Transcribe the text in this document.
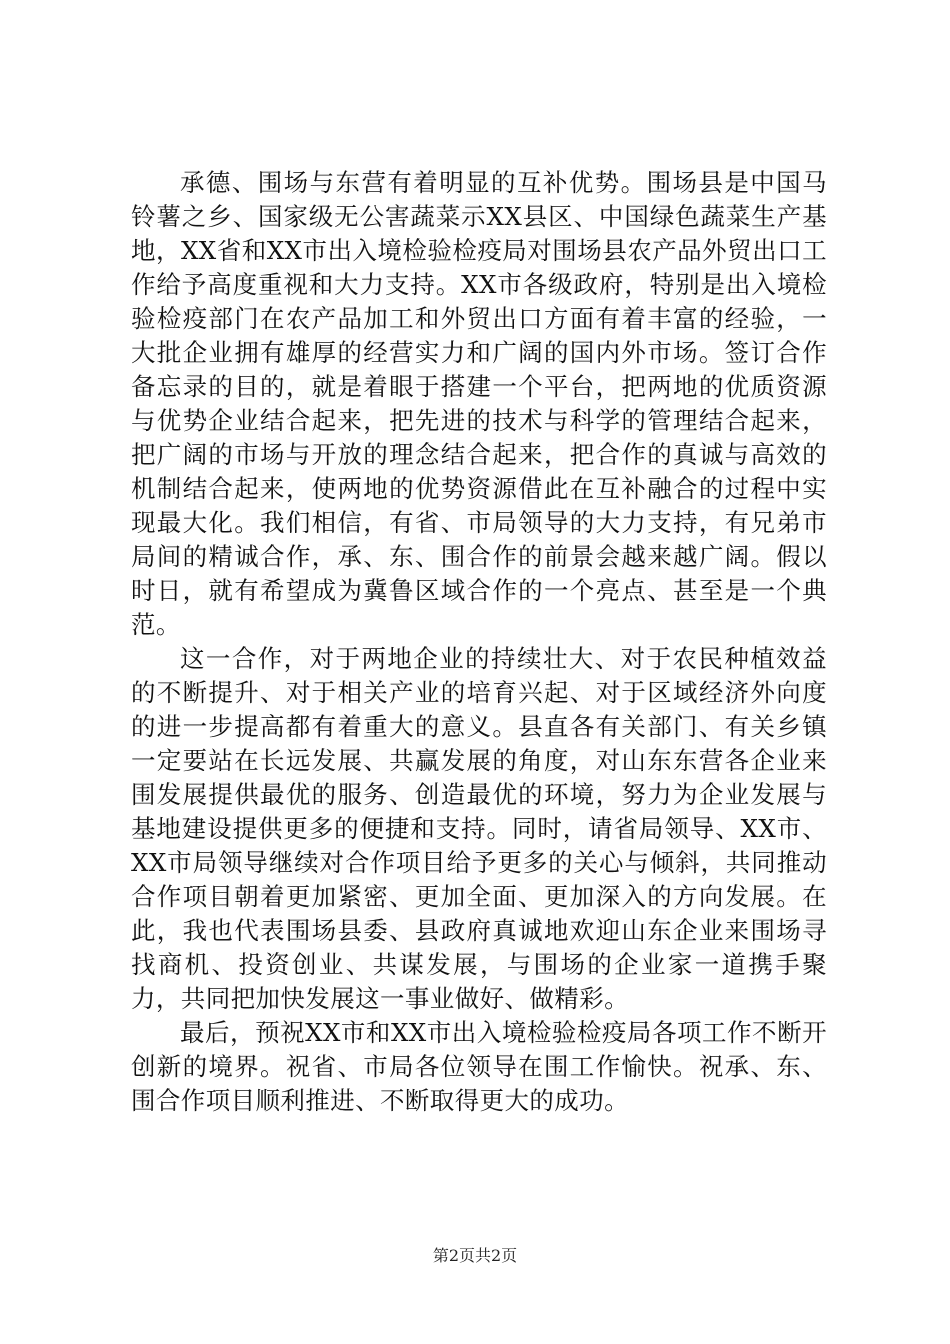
承德、围场与东营有着明显的互补优势。围场县是中国马铃薯之乡、国家级无公害蔬菜示XX县区、中国绿色蔬菜生产基地，XX省和XX市出入境检验检疫局对围场县农产品外贸出口工作给予高度重视和大力支持。XX市各级政府，特别是出入境检验检疫部门在农产品加工和外贸出口方面有着丰富的经验，一大批企业拥有雄厚的经营实力和广阔的国内外市场。签订合作备忘录的目的，就是着眼于搭建一个平台，把两地的优质资源与优势企业结合起来，把先进的技术与科学的管理结合起来，把广阔的市场与开放的理念结合起来，把合作的真诚与高效的机制结合起来，使两地的优势资源借此在互补融合的过程中实现最大化。我们相信，有省、市局领导的大力支持，有兄弟市局间的精诚合作，承、东、围合作的前景会越来越广阔。假以时日，就有希望成为冀鲁区域合作的一个亮点、甚至是一个典范。

这一合作，对于两地企业的持续壮大、对于农民种植效益的不断提升、对于相关产业的培育兴起、对于区域经济外向度的进一步提高都有着重大的意义。县直各有关部门、有关乡镇一定要站在长远发展、共赢发展的角度，对山东东营各企业来围发展提供最优的服务、创造最优的环境，努力为企业发展与基地建设提供更多的便捷和支持。同时，请省局领导、XX市、XX市局领导继续对合作项目给予更多的关心与倾斜，共同推动合作项目朝着更加紧密、更加全面、更加深入的方向发展。在此，我也代表围场县委、县政府真诚地欢迎山东企业来围场寻找商机、投资创业、共谋发展，与围场的企业家一道携手聚力，共同把加快发展这一事业做好、做精彩。

最后，预祝XX市和XX市出入境检验检疫局各项工作不断开创新的境界。祝省、市局各位领导在围工作愉快。祝承、东、围合作项目顺利推进、不断取得更大的成功。

第2页共2页
